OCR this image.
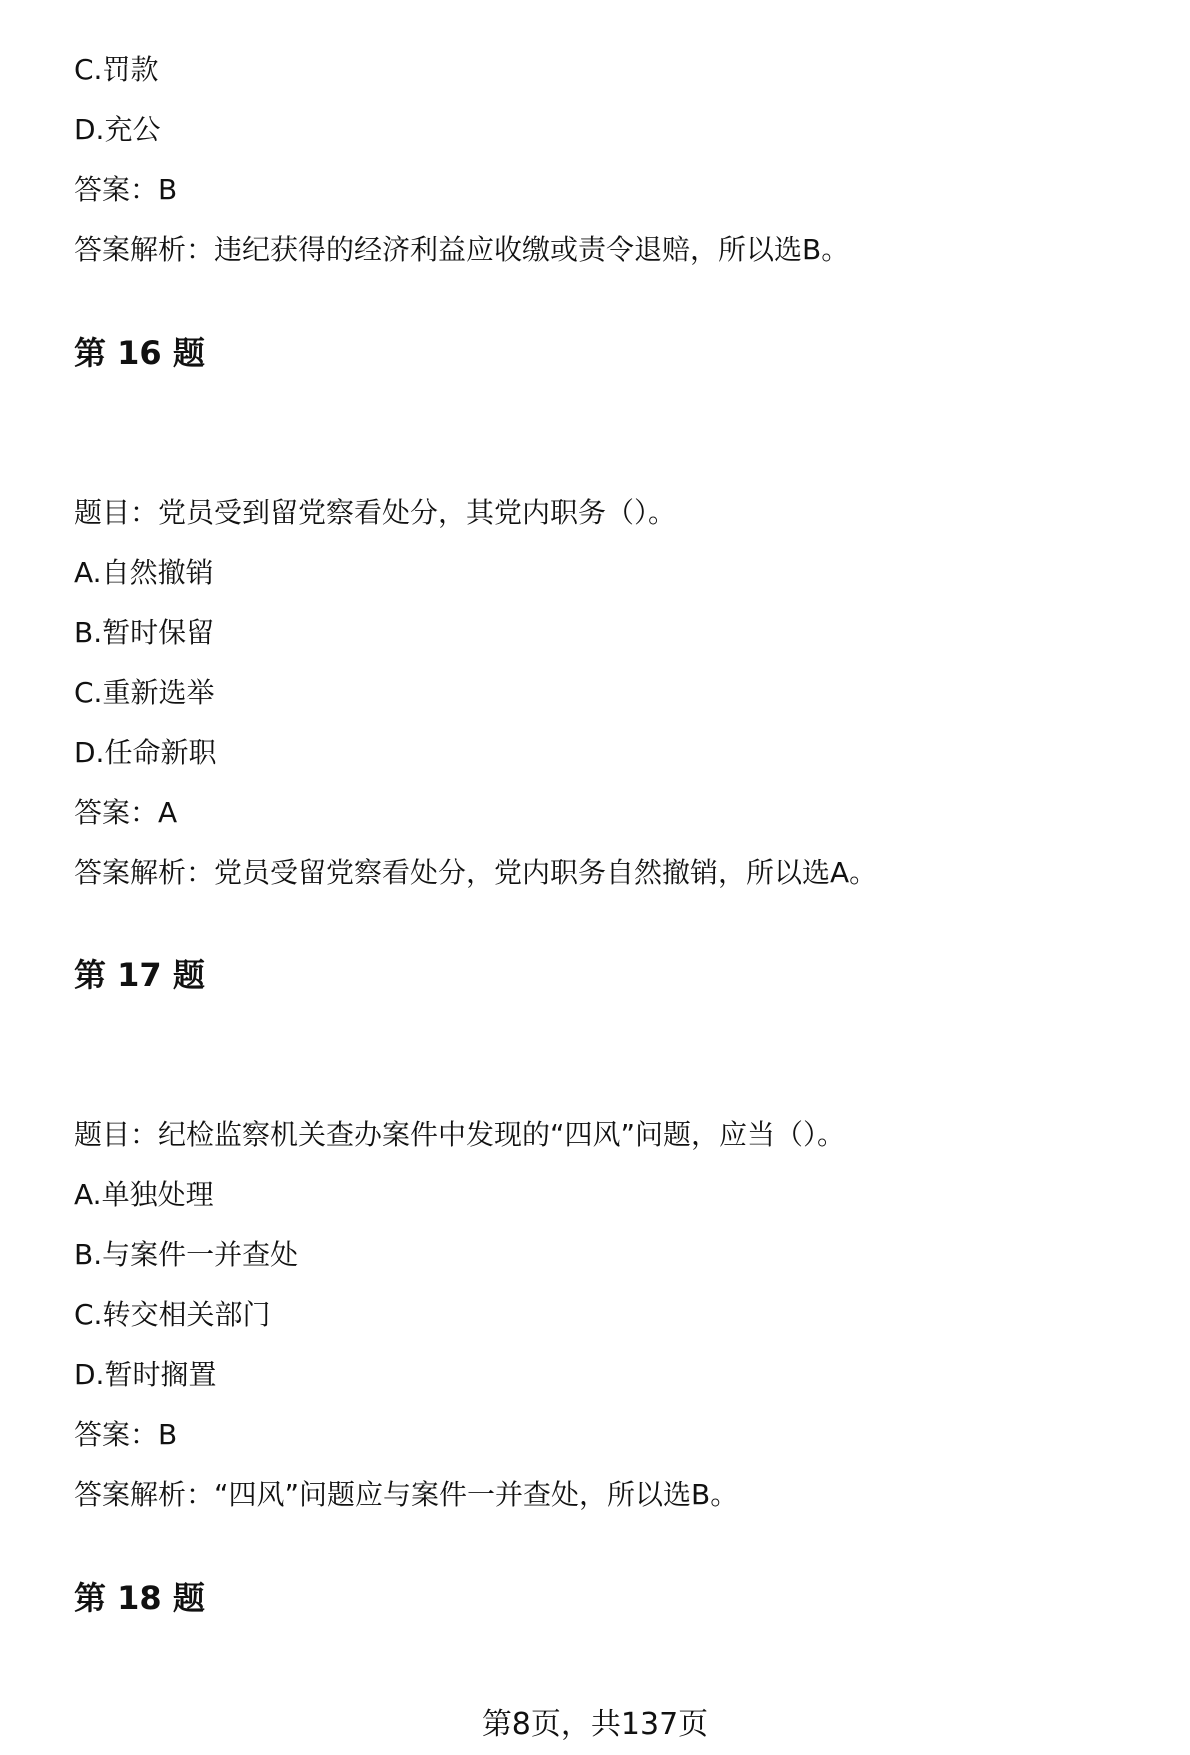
C.罚款
D.充公
答案：B
答案解析：违纪获得的经济利益应收缴或责令退赔，所以选B。
第 16 题
题目：党员受到留党察看处分，其党内职务（）。
A.自然撤销
B.暂时保留
C.重新选举
D.任命新职
答案：A
答案解析：党员受留党察看处分，党内职务自然撤销，所以选A。
第 17 题
题目：纪检监察机关查办案件中发现的“四风”问题，应当（）。
A.单独处理
B.与案件一并查处
C.转交相关部门
D.暂时搁置
答案：B
答案解析：“四风”问题应与案件一并查处，所以选B。
第 18 题
第8页，共137页
